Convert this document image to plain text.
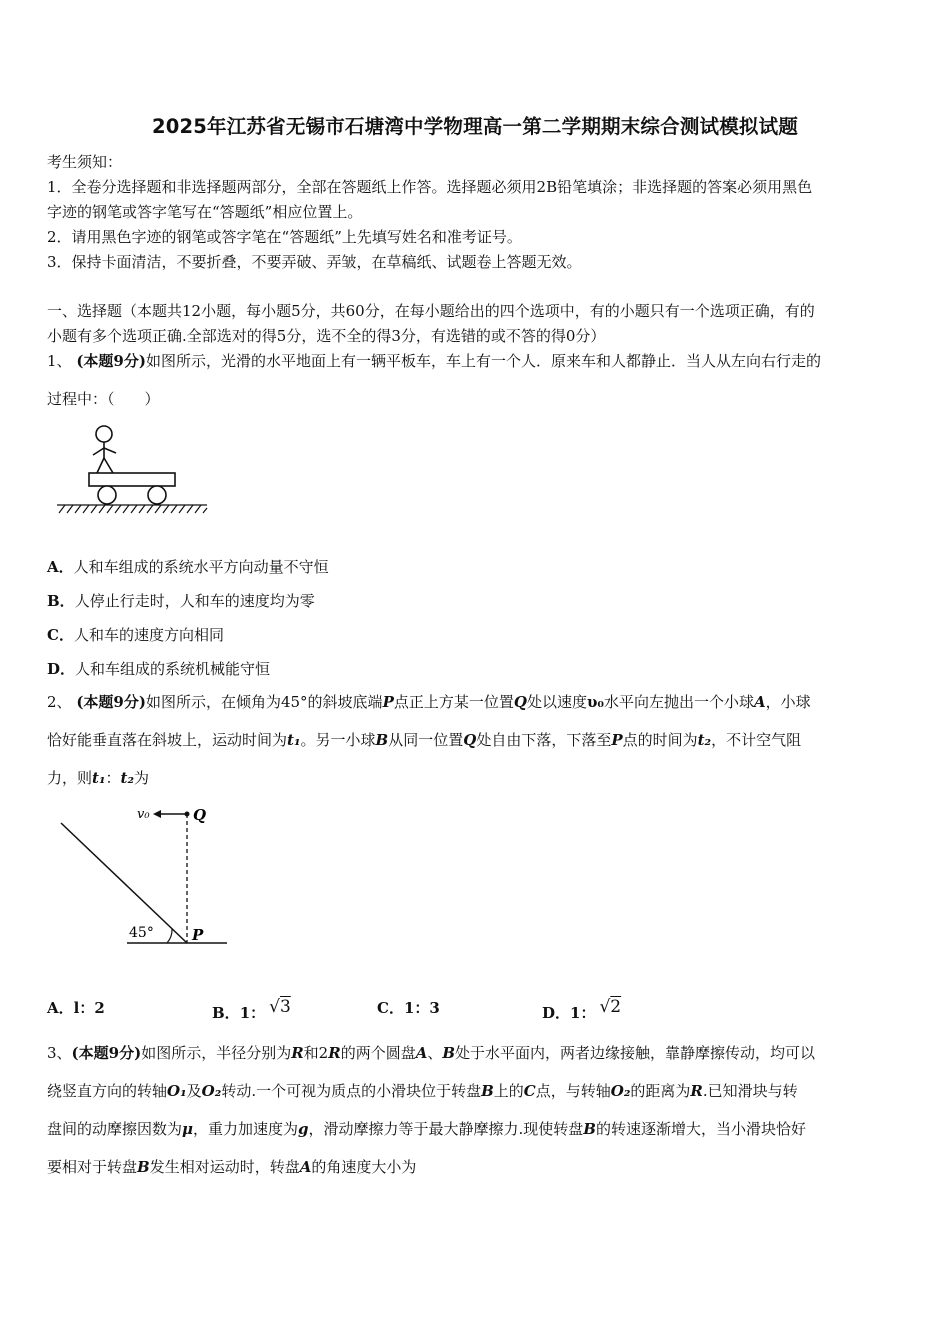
2025年江苏省无锡市石塘湾中学物理高一第二学期期末综合测试模拟试题
考生须知：
1．全卷分选择题和非选择题两部分，全部在答题纸上作答。选择题必须用2B铅笔填涂；非选择题的答案必须用黑色
字迹的钢笔或答字笔写在“答题纸”相应位置上。
2．请用黑色字迹的钢笔或答字笔在“答题纸”上先填写姓名和准考证号。
3．保持卡面清洁，不要折叠，不要弄破、弄皱，在草稿纸、试题卷上答题无效。
一、选择题（本题共12小题，每小题5分，共60分，在每小题给出的四个选项中，有的小题只有一个选项正确，有的
小题有多个选项正确.全部选对的得5分，选不全的得3分，有选错的或不答的得0分）
1、 (本题9分)如图所示，光滑的水平地面上有一辆平板车，车上有一个人．原来车和人都静止．当人从左向右行走的
过程中：（　　）
A．人和车组成的系统水平方向动量不守恒
B．人停止行走时，人和车的速度均为零
C．人和车的速度方向相同
D．人和车组成的系统机械能守恒
2、 (本题9分)如图所示，在倾角为45°的斜坡底端P点正上方某一位置Q处以速度υ₀水平向左抛出一个小球A，小球
恰好能垂直落在斜坡上，运动时间为t₁。另一小球B从同一位置Q处自由下落，下落至P点的时间为t₂，不计空气阻
力，则t₁：t₂为
v₀	Q
P
45°
A．l：2	B．1： √3	C．1：3	D．1： √2
3、(本题9分)如图所示，半径分别为R和2R的两个圆盘A、B处于水平面内，两者边缘接触，靠静摩擦传动，均可以
绕竖直方向的转轴O₁及O₂转动.一个可视为质点的小滑块位于转盘B上的C点，与转轴O₂的距离为R.已知滑块与转
盘间的动摩擦因数为μ，重力加速度为g，滑动摩擦力等于最大静摩擦力.现使转盘B的转速逐渐增大，当小滑块恰好
要相对于转盘B发生相对运动时，转盘A的角速度大小为
